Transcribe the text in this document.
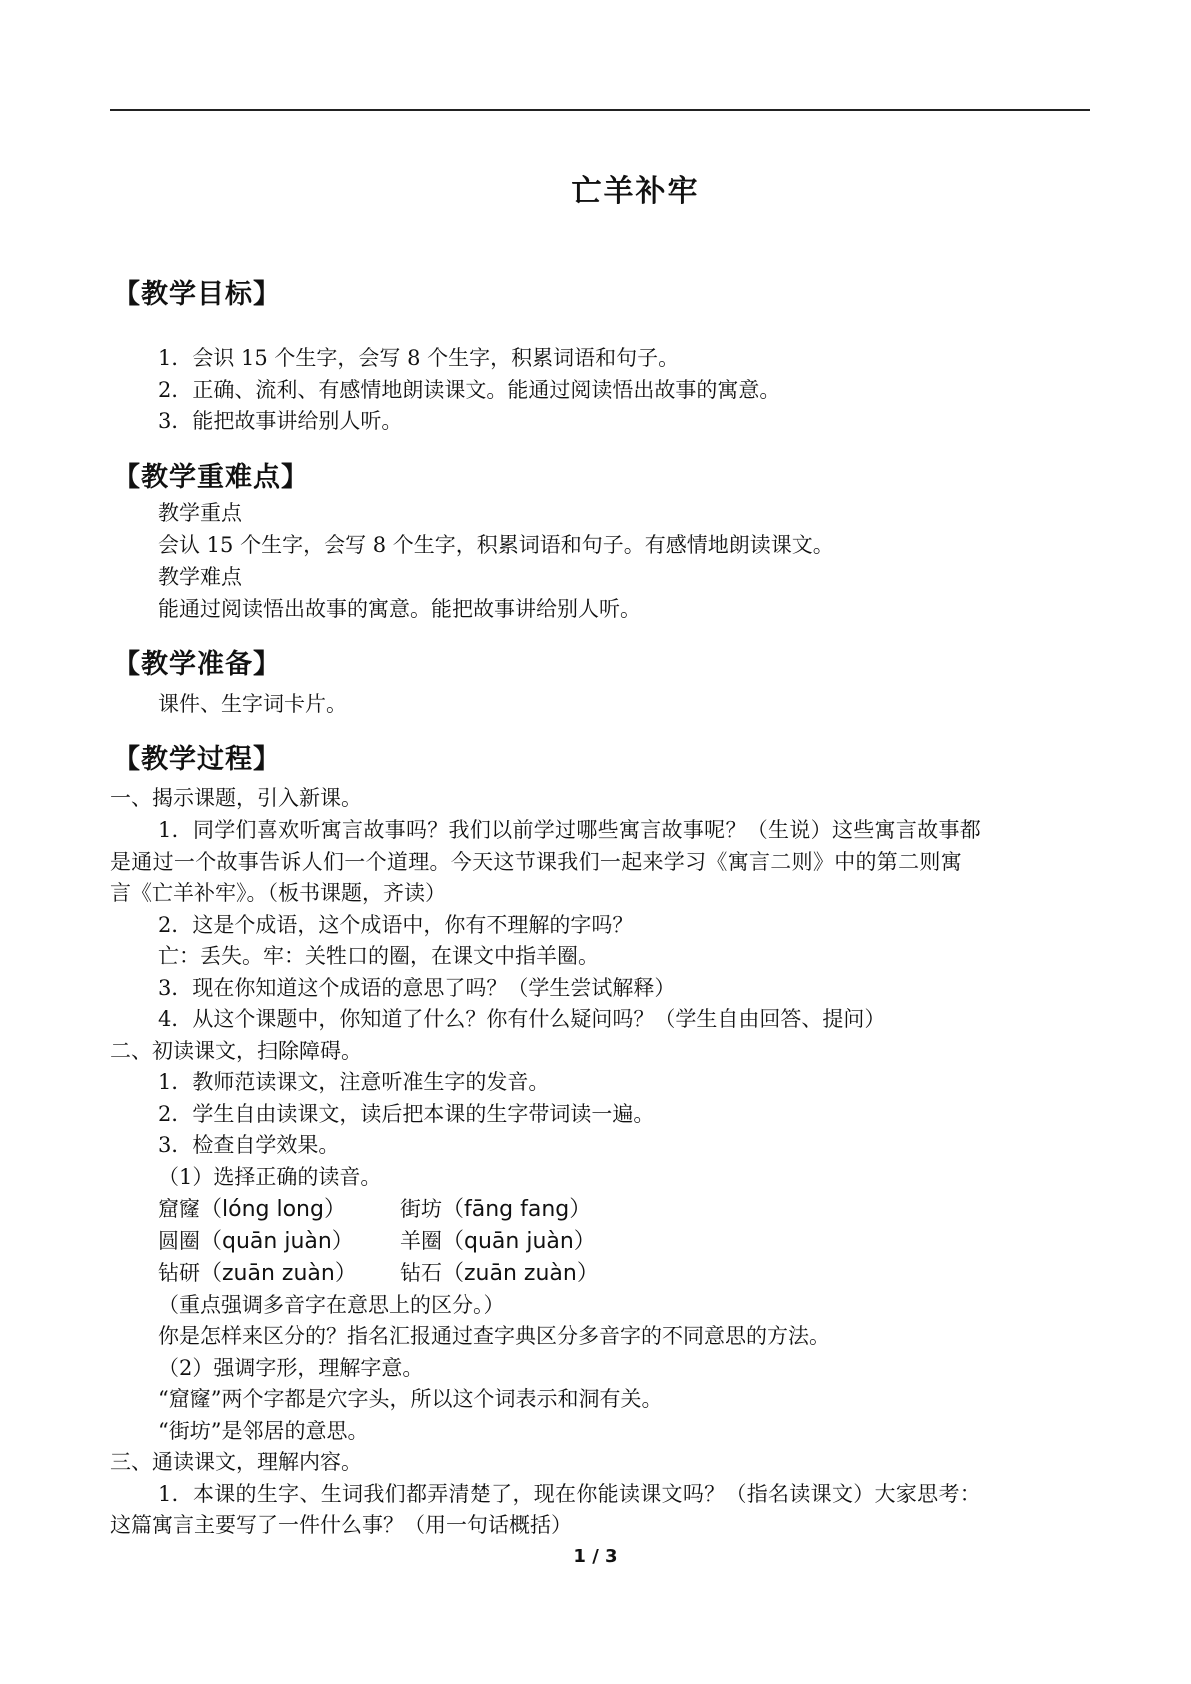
亡羊补牢
【教学目标】
1．会识 15 个生字，会写 8 个生字，积累词语和句子。
2．正确、流利、有感情地朗读课文。能通过阅读悟出故事的寓意。
3．能把故事讲给别人听。
【教学重难点】
教学重点
会认 15 个生字，会写 8 个生字，积累词语和句子。有感情地朗读课文。
教学难点
能通过阅读悟出故事的寓意。能把故事讲给别人听。
【教学准备】
课件、生字词卡片。
【教学过程】
一、揭示课题，引入新课。
1．同学们喜欢听寓言故事吗？我们以前学过哪些寓言故事呢？（生说）这些寓言故事都
是通过一个故事告诉人们一个道理。今天这节课我们一起来学习《寓言二则》中的第二则寓
言《亡羊补牢》。（板书课题，齐读）
2．这是个成语，这个成语中，你有不理解的字吗？
亡：丢失。牢：关牲口的圈，在课文中指羊圈。
3．现在你知道这个成语的意思了吗？（学生尝试解释）
4．从这个课题中，你知道了什么？你有什么疑问吗？（学生自由回答、提问）
二、初读课文，扫除障碍。
1．教师范读课文，注意听准生字的发音。
2．学生自由读课文，读后把本课的生字带词读一遍。
3．检查自学效果。
（1）选择正确的读音。
窟窿（lóng long）	街坊（fāng fang）
圆圈（quān juàn） 羊圈（quān juàn）
钻研（zuān zuàn） 钻石（zuān zuàn）
（重点强调多音字在意思上的区分。）
你是怎样来区分的？指名汇报通过查字典区分多音字的不同意思的方法。
（2）强调字形，理解字意。
“窟窿”两个字都是穴字头，所以这个词表示和洞有关。
“街坊”是邻居的意思。
三、通读课文，理解内容。
1．本课的生字、生词我们都弄清楚了，现在你能读课文吗？（指名读课文）大家思考：
这篇寓言主要写了一件什么事？（用一句话概括）
1 / 3
